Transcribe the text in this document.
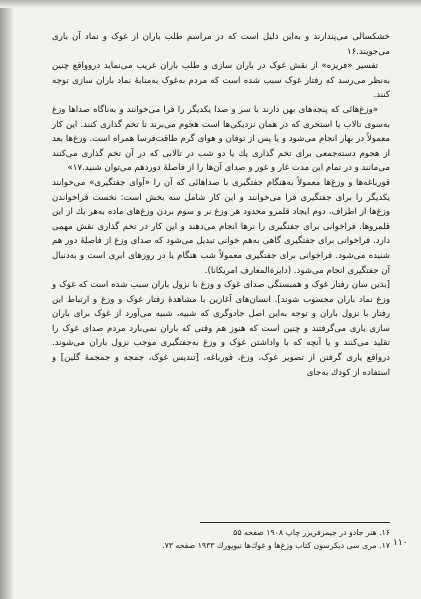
خشکسالی می‌پندارند و به‌این دلیل است که در مراسم طلب باران از غوک و نماد آن یاری می‌جویند.۱۶

تفسیر «فریزه» از نقش غوک در باران سازی و طلب باران غریب می‌نماید دروواقع چنین به‌نظر می‌رسد که رفتار غوک سبب شده است که مردم به‌غوک به‌منابهٔ نماد باران سازی توجه کنند.

«وزغ‌هائی که پنجه‌های بهن دارند با سر و صدا یکدیگر را فرا می‌خوانند و به‌ناگاه صداها وزغ به‌سوی تالاب یا استخری که در همان نزدیکی‌ها است هجوم می‌برند تا تخم گذاری کنند. این کار معمولاً در بهار انجام می‌شود و یا پس از توفان و هوای گرم طاقت‌فرسا همراه است. وزغ‌ها بعد از هجوم دسته‌جمعی برای تخم گذاری یك یا دو شب در تالابی که در آن تخم گذاری می‌کنند می‌مانند و در تمام این مدت غار و غور و صدای آن‌ها را از فاصلهٔ دوردهم می‌توان شنید.۱۷»

قورباغه‌ها و وزغ‌ها معمولاً به‌هنگام جفتگیری با صداهائی که آن را «آوای جفتگیری» می‌خوانند یکدیگر را برای جفتگیری فرا می‌خوانند و این کار شامل سه بخش است: نخست فراخواندن وزغ‌ها از اطراف، دوم ایجاد قلمرو محدود هر وزغ نر و سوم بردن وزغ‌های ماده به‌هر یك از این قلمروها. فراخوانی برای جفتگیری را نرها انجام می‌دهند و این کار در تخم گذاری نقش مهمی دارد. فراخوانی برای جفتگیری گاهی به‌هم خوانی تبدیل می‌شود که صدای وزغ از فاصلهٔ دور هم شنیده می‌شود. فراخوانی برای جفتگیری معمولاً شب هنگام یا در روزهای ابری است و به‌دنبال آن جفتگیری انجام می‌شود. (دایرةالمعارف امریکانا).

[بدین سان رفتار غوک و همبستگی صدای غوک و وزغ با نزول باران سبب شده است که غوک و وزغ نماد باران محسوب شوند]. انسان‌های آغازین با مشاهدهٔ رفتار غوک و وزغ و ارتباط این رفتار با نزول باران و توجه به‌این اصل جادوگری که شبیه، شبیه می‌آورد از غوک برای باران سازی یاری می‌گرفتند و چنین است که هنوز هم وقتی که باران نمی‌بارد مردم صدای غوک را تقلید می‌کنند و یا آنچه که با واداشتن غوک و وزغ به‌جفتگیری موجب نزول باران می‌شوند. درواقع یاری گرفتن از تصویر غوک، وزغ، قورباغه، [تندیس غوک، جمجه و جمجمهٔ گلین] و استفاده از کودك به‌جای

۱۶. هنر جادو در جیمزفریزر چاپ ۱۹۰۸ صفحه ۵۵
۱۷. مری سی دیکرسون کتاب وزغ‌ها و غوك‌ها نیویورك ۱۹۳۳ صفحه ۷۳. ۱۱۰
